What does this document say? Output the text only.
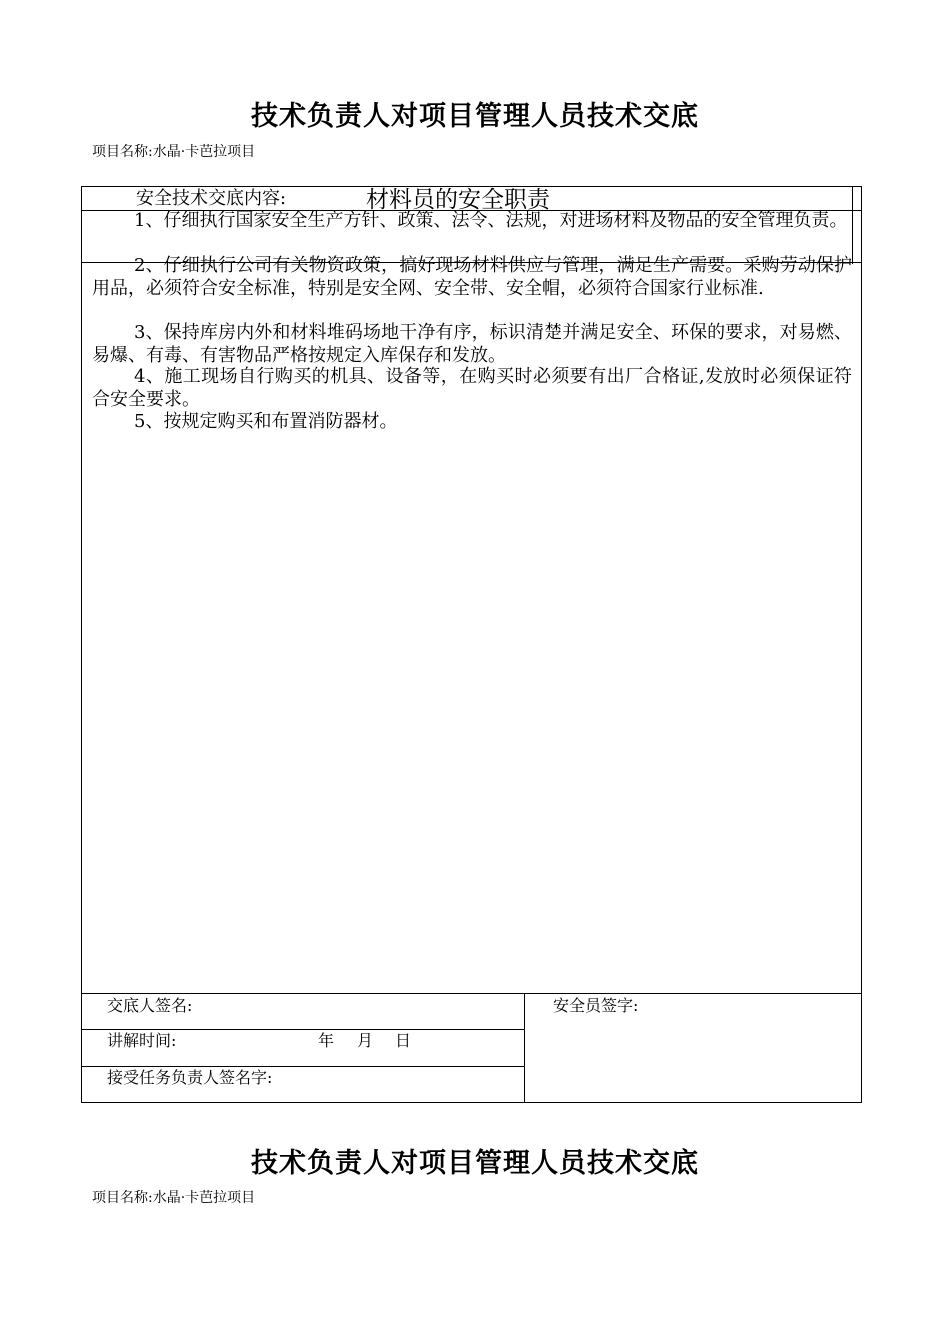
技术负责人对项目管理人员技术交底
项目名称:水晶·卡芭拉项目
安全技术交底内容:	材料员的安全职责
1、仔细执行国家安全生产方针、政策、法令、法规，对进场材料及物品的安全管理负责。
2、仔细执行公司有关物资政策，搞好现场材料供应与管理，满足生产需要。采购劳动保护用品，必须符合安全标准，特别是安全网、安全带、安全帽，必须符合国家行业标准.
3、保持库房内外和材料堆码场地干净有序，标识清楚并满足安全、环保的要求，对易燃、易爆、有毒、有害物品严格按规定入库保存和发放。
4、施工现场自行购买的机具、设备等，在购买时必须要有出厂合格证,发放时必须保证符合安全要求。
5、按规定购买和布置消防器材。
交底人签名:
讲解时间:	年 月 日
接受任务负责人签名字:
安全员签字:
技术负责人对项目管理人员技术交底
项目名称:水晶·卡芭拉项目
